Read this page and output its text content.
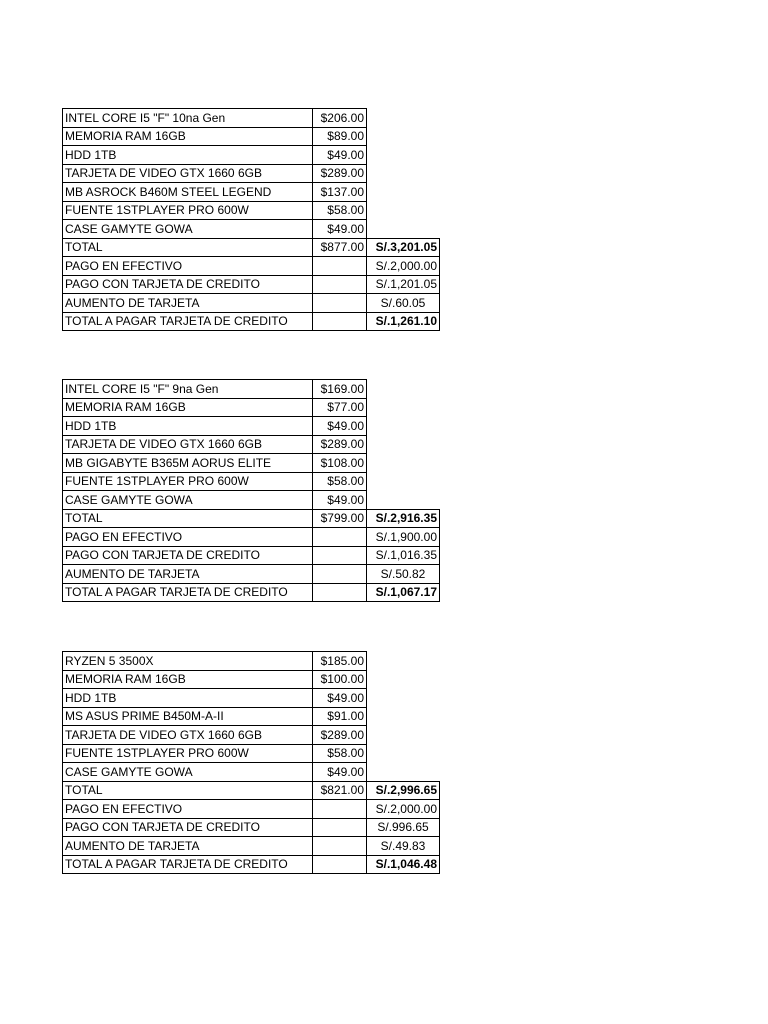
INTEL CORE I5 "F" 10na Gen	$206.00	
MEMORIA RAM 16GB	$89.00	
HDD 1TB	$49.00	
TARJETA DE VIDEO GTX 1660 6GB	$289.00	
MB ASROCK B460M STEEL LEGEND	$137.00	
FUENTE 1STPLAYER PRO 600W	$58.00	
CASE GAMYTE GOWA	$49.00	
TOTAL	$877.00	S/.3,201.05
PAGO EN EFECTIVO		S/.2,000.00
PAGO CON TARJETA DE CREDITO		S/.1,201.05
AUMENTO DE TARJETA		S/.60.05
TOTAL A PAGAR TARJETA DE CREDITO		S/.1,261.10
INTEL CORE I5 "F" 9na Gen	$169.00	
MEMORIA RAM 16GB	$77.00	
HDD 1TB	$49.00	
TARJETA DE VIDEO GTX 1660 6GB	$289.00	
MB GIGABYTE B365M AORUS ELITE	$108.00	
FUENTE 1STPLAYER PRO 600W	$58.00	
CASE GAMYTE GOWA	$49.00	
TOTAL	$799.00	S/.2,916.35
PAGO EN EFECTIVO		S/.1,900.00
PAGO CON TARJETA DE CREDITO		S/.1,016.35
AUMENTO DE TARJETA		S/.50.82
TOTAL A PAGAR TARJETA DE CREDITO		S/.1,067.17
RYZEN 5 3500X	$185.00	
MEMORIA RAM 16GB	$100.00	
HDD 1TB	$49.00	
MS ASUS PRIME B450M-A-II	$91.00	
TARJETA DE VIDEO GTX 1660 6GB	$289.00	
FUENTE 1STPLAYER PRO 600W	$58.00	
CASE GAMYTE GOWA	$49.00	
TOTAL	$821.00	S/.2,996.65
PAGO EN EFECTIVO		S/.2,000.00
PAGO CON TARJETA DE CREDITO		S/.996.65
AUMENTO DE TARJETA		S/.49.83
TOTAL A PAGAR TARJETA DE CREDITO		S/.1,046.48
